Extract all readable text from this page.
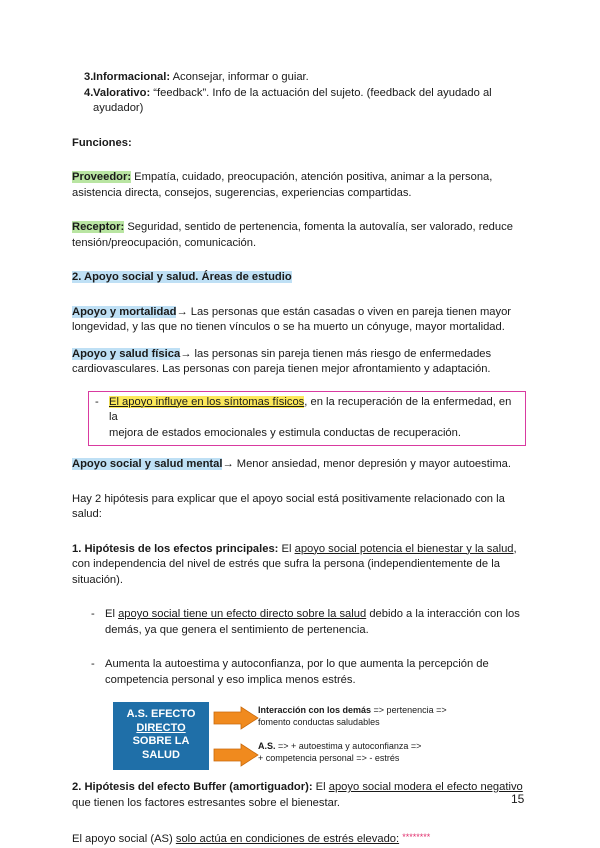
3. Informacional: Aconsejar, informar o guiar.
4. Valorativo: “feedback”. Info de la actuación del sujeto. (feedback del ayudado al
ayudador)

Funciones:

Proveedor: Empatía, cuidado, preocupación, atención positiva, animar a la persona,
asistencia directa, consejos, sugerencias, experiencias compartidas.

Receptor: Seguridad, sentido de pertenencia, fomenta la autovalía, ser valorado, reduce
tensión/preocupación, comunicación.

2. Apoyo social y salud. Áreas de estudio

Apoyo y mortalidad→ Las personas que están casadas o viven en pareja tienen mayor
longevidad, y las que no tienen vínculos o se ha muerto un cónyuge, mayor mortalidad.

Apoyo y salud física→ las personas sin pareja tienen más riesgo de enfermedades
cardiovasculares. Las personas con pareja tienen mejor afrontamiento y adaptación.

- El apoyo influye en los síntomas físicos, en la recuperación de la enfermedad, en la
mejora de estados emocionales y estimula conductas de recuperación.

Apoyo social y salud mental→ Menor ansiedad, menor depresión y mayor autoestima.

Hay 2 hipótesis para explicar que el apoyo social está positivamente relacionado con la
salud:

1. Hipótesis de los efectos principales: El apoyo social potencia el bienestar y la salud,
con independencia del nivel de estrés que sufra la persona (independientemente de la
situación).

- El apoyo social tiene un efecto directo sobre la salud debido a la interacción con los
demás, ya que genera el sentimiento de pertenencia.

- Aumenta la autoestima y autoconfianza, por lo que aumenta la percepción de
competencia personal y eso implica menos estrés.

A.S. EFECTO
DIRECTO
SOBRE LA
SALUD
Interacción con los demás => pertenencia =>
fomento conductas saludables
A.S. => + autoestima y autoconfianza =>
+ competencia personal => - estrés

2. Hipótesis del efecto Buffer (amortiguador): El apoyo social modera el efecto negativo
que tienen los factores estresantes sobre el bienestar.

El apoyo social (AS) solo actúa en condiciones de estrés elevado: ********

15
